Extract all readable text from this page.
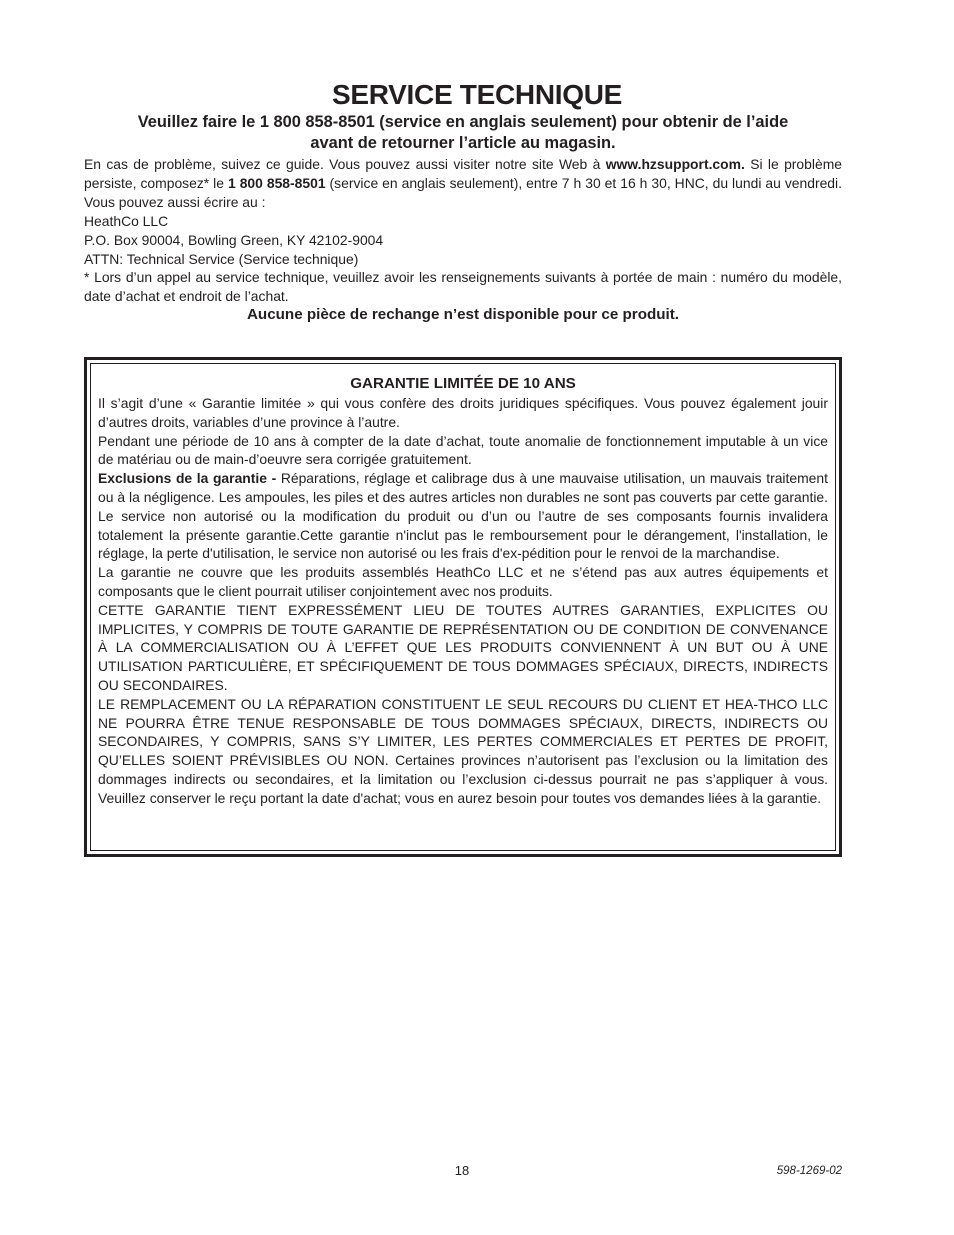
SERVICE TECHNIQUE
Veuillez faire le 1 800 858-8501 (service en anglais seulement) pour obtenir de l’aide
avant de retourner l’article au magasin.

En cas de problème, suivez ce guide. Vous pouvez aussi visiter notre site Web à www.hzsupport.com. Si le problème persiste, composez* le 1 800 858-8501 (service en anglais seulement), entre 7 h 30 et 16 h 30, HNC, du lundi au vendredi. Vous pouvez aussi écrire au :

HeathCo LLC

P.O. Box 90004, Bowling Green, KY 42102-9004

ATTN: Technical Service (Service technique)

* Lors d’un appel au service technique, veuillez avoir les renseignements suivants à portée de main : numéro du modèle, date d’achat et endroit de l’achat.

Aucune pièce de rechange n’est disponible pour ce produit.

GARANTIE LIMITÉE DE 10 ANS

Il s’agit d’une « Garantie limitée » qui vous confère des droits juridiques spécifiques. Vous pouvez également jouir d’autres droits, variables d’une province à l’autre.

Pendant une période de 10 ans à compter de la date d’achat, toute anomalie de fonctionnement imputable à un vice de matériau ou de main-d’oeuvre sera corrigée gratuitement.

Exclusions de la garantie - Réparations, réglage et calibrage dus à une mauvaise utilisation, un mauvais traitement ou à la négligence. Les ampoules, les piles et des autres articles non durables ne sont pas couverts par cette garantie. Le service non autorisé ou la modification du produit ou d’un ou l’autre de ses composants fournis invalidera totalement la présente garantie.Cette garantie n'inclut pas le remboursement pour le dérangement, l'installation, le réglage, la perte d'utilisation, le service non autorisé ou les frais d'ex-pédition pour le renvoi de la marchandise.

La garantie ne couvre que les produits assemblés HeathCo LLC et ne s’étend pas aux autres équipements et composants que le client pourrait utiliser conjointement avec nos produits.

CETTE GARANTIE TIENT EXPRESSÉMENT LIEU DE TOUTES AUTRES GARANTIES, EXPLICITES OU IMPLICITES, Y COMPRIS DE TOUTE GARANTIE DE REPRÉSENTATION OU DE CONDITION DE CONVENANCE À LA COMMERCIALISATION OU À L’EFFET QUE LES PRODUITS CONVIENNENT À UN BUT OU À UNE UTILISATION PARTICULIÈRE, ET SPÉCIFIQUEMENT DE TOUS DOMMAGES SPÉCIAUX, DIRECTS, INDIRECTS OU SECONDAIRES.

LE REMPLACEMENT OU LA RÉPARATION CONSTITUENT LE SEUL RECOURS DU CLIENT ET HEA-THCO LLC NE POURRA ÊTRE TENUE RESPONSABLE DE TOUS DOMMAGES SPÉCIAUX, DIRECTS, INDIRECTS OU SECONDAIRES, Y COMPRIS, SANS S’Y LIMITER, LES PERTES COMMERCIALES ET PERTES DE PROFIT, QU’ELLES SOIENT PRÉVISIBLES OU NON. Certaines provinces n’autorisent pas l’exclusion ou la limitation des dommages indirects ou secondaires, et la limitation ou l’exclusion ci-dessus pourrait ne pas s’appliquer à vous. Veuillez conserver le reçu portant la date d'achat; vous en aurez besoin pour toutes vos demandes liées à la garantie.

18	598-1269-02
